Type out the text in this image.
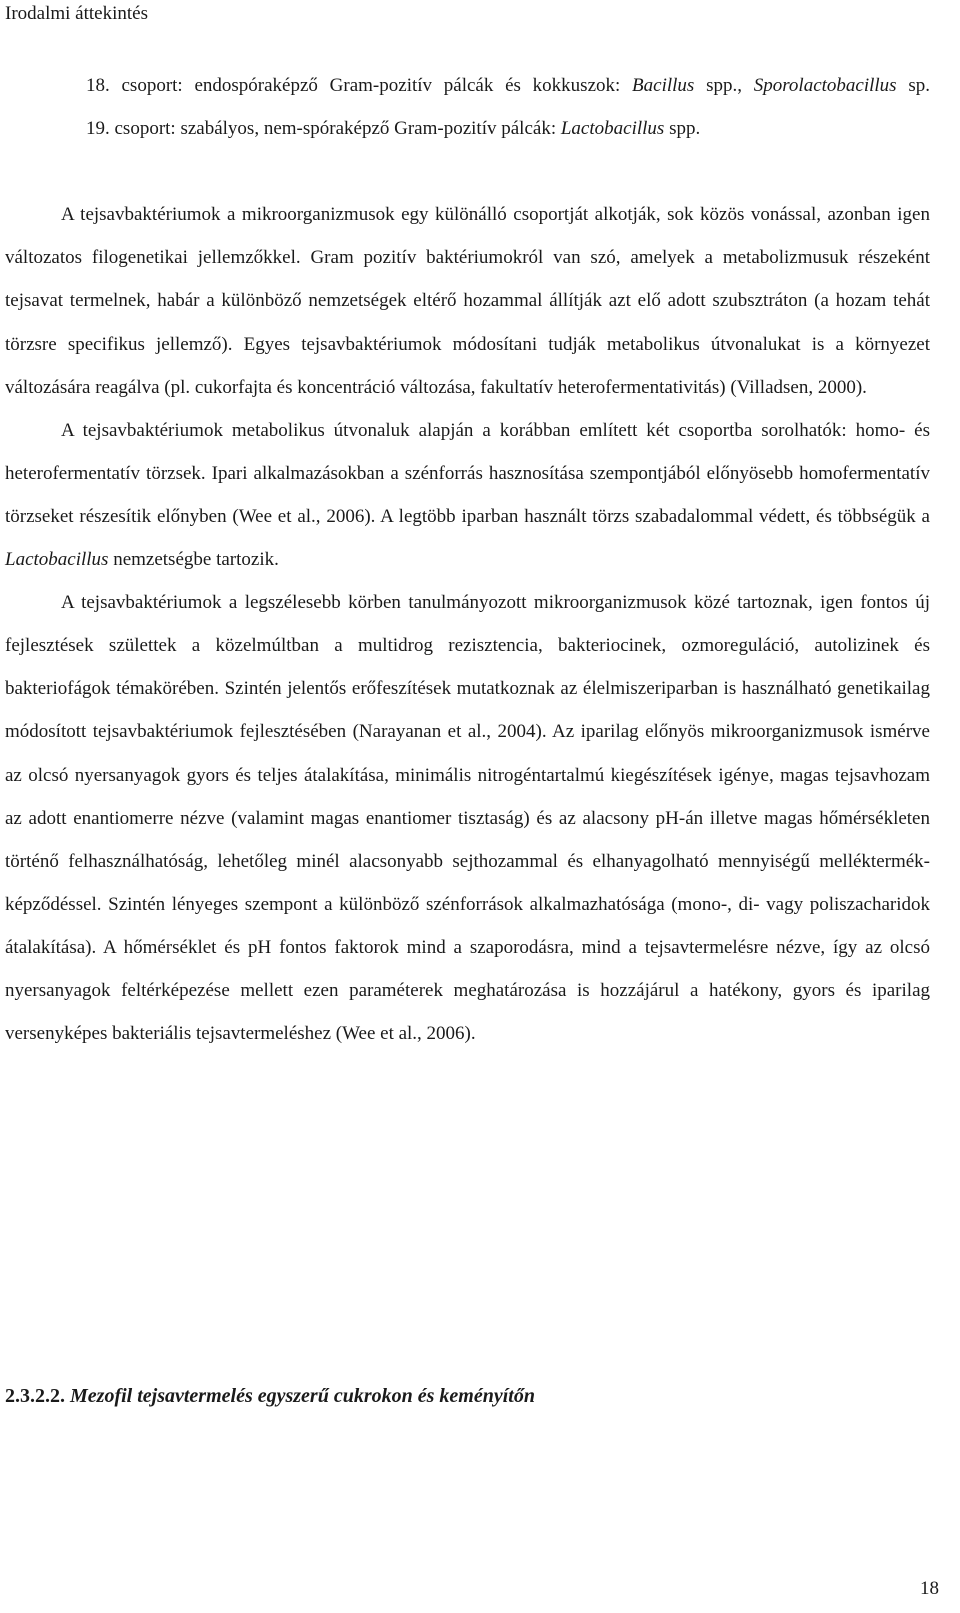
Irodalmi áttekintés
18. csoport: endospóraképző Gram-pozitív pálcák és kokkuszok: Bacillus spp., Sporolactobacillus sp.
19. csoport: szabályos, nem-spóraképző Gram-pozitív pálcák: Lactobacillus spp.

A tejsavbaktériumok a mikroorganizmusok egy különálló csoportját alkotják, sok közös vonással, azonban igen változatos filogenetikai jellemzőkkel. Gram pozitív baktériumokról van szó, amelyek a metabolizmusuk részeként tejsavat termelnek, habár a különböző nemzetségek eltérő hozammal állítják azt elő adott szubsztráton (a hozam tehát törzsre specifikus jellemző). Egyes tejsavbaktériumok módosítani tudják metabolikus útvonalukat is a környezet változására reagálva (pl. cukorfajta és koncentráció változása, fakultatív heterofermentativitás) (Villadsen, 2000).

A tejsavbaktériumok metabolikus útvonaluk alapján a korábban említett két csoportba sorolhatók: homo- és heterofermentatív törzsek. Ipari alkalmazásokban a szénforrás hasznosítása szempontjából előnyösebb homofermentatív törzseket részesítik előnyben (Wee et al., 2006). A legtöbb iparban használt törzs szabadalommal védett, és többségük a Lactobacillus nemzetségbe tartozik.

A tejsavbaktériumok a legszélesebb körben tanulmányozott mikroorganizmusok közé tartoznak, igen fontos új fejlesztések születtek a közelmúltban a multidrog rezisztencia, bakteriocinek, ozmoreguláció, autolizinek és bakteriofágok témakörében. Szintén jelentős erőfeszítések mutatkoznak az élelmiszeriparban is használható genetikailag módosított tejsavbaktériumok fejlesztésében (Narayanan et al., 2004). Az iparilag előnyös mikroorganizmusok ismérve az olcsó nyersanyagok gyors és teljes átalakítása, minimális nitrogéntartalmú kiegészítések igénye, magas tejsavhozam az adott enantiomerre nézve (valamint magas enantiomer tisztaság) és az alacsony pH-án illetve magas hőmérsékleten történő felhasználhatóság, lehetőleg minél alacsonyabb sejthozammal és elhanyagolható mennyiségű melléktermék-képződéssel. Szintén lényeges szempont a különböző szénforrások alkalmazhatósága (mono-, di- vagy poliszacharidok átalakítása). A hőmérséklet és pH fontos faktorok mind a szaporodásra, mind a tejsavtermelésre nézve, így az olcsó nyersanyagok feltérképezése mellett ezen paraméterek meghatározása is hozzájárul a hatékony, gyors és iparilag versenyképes bakteriális tejsavtermeléshez (Wee et al., 2006).

2.3.2.2. Mezofil tejsavtermelés egyszerű cukrokon és keményítőn
18
